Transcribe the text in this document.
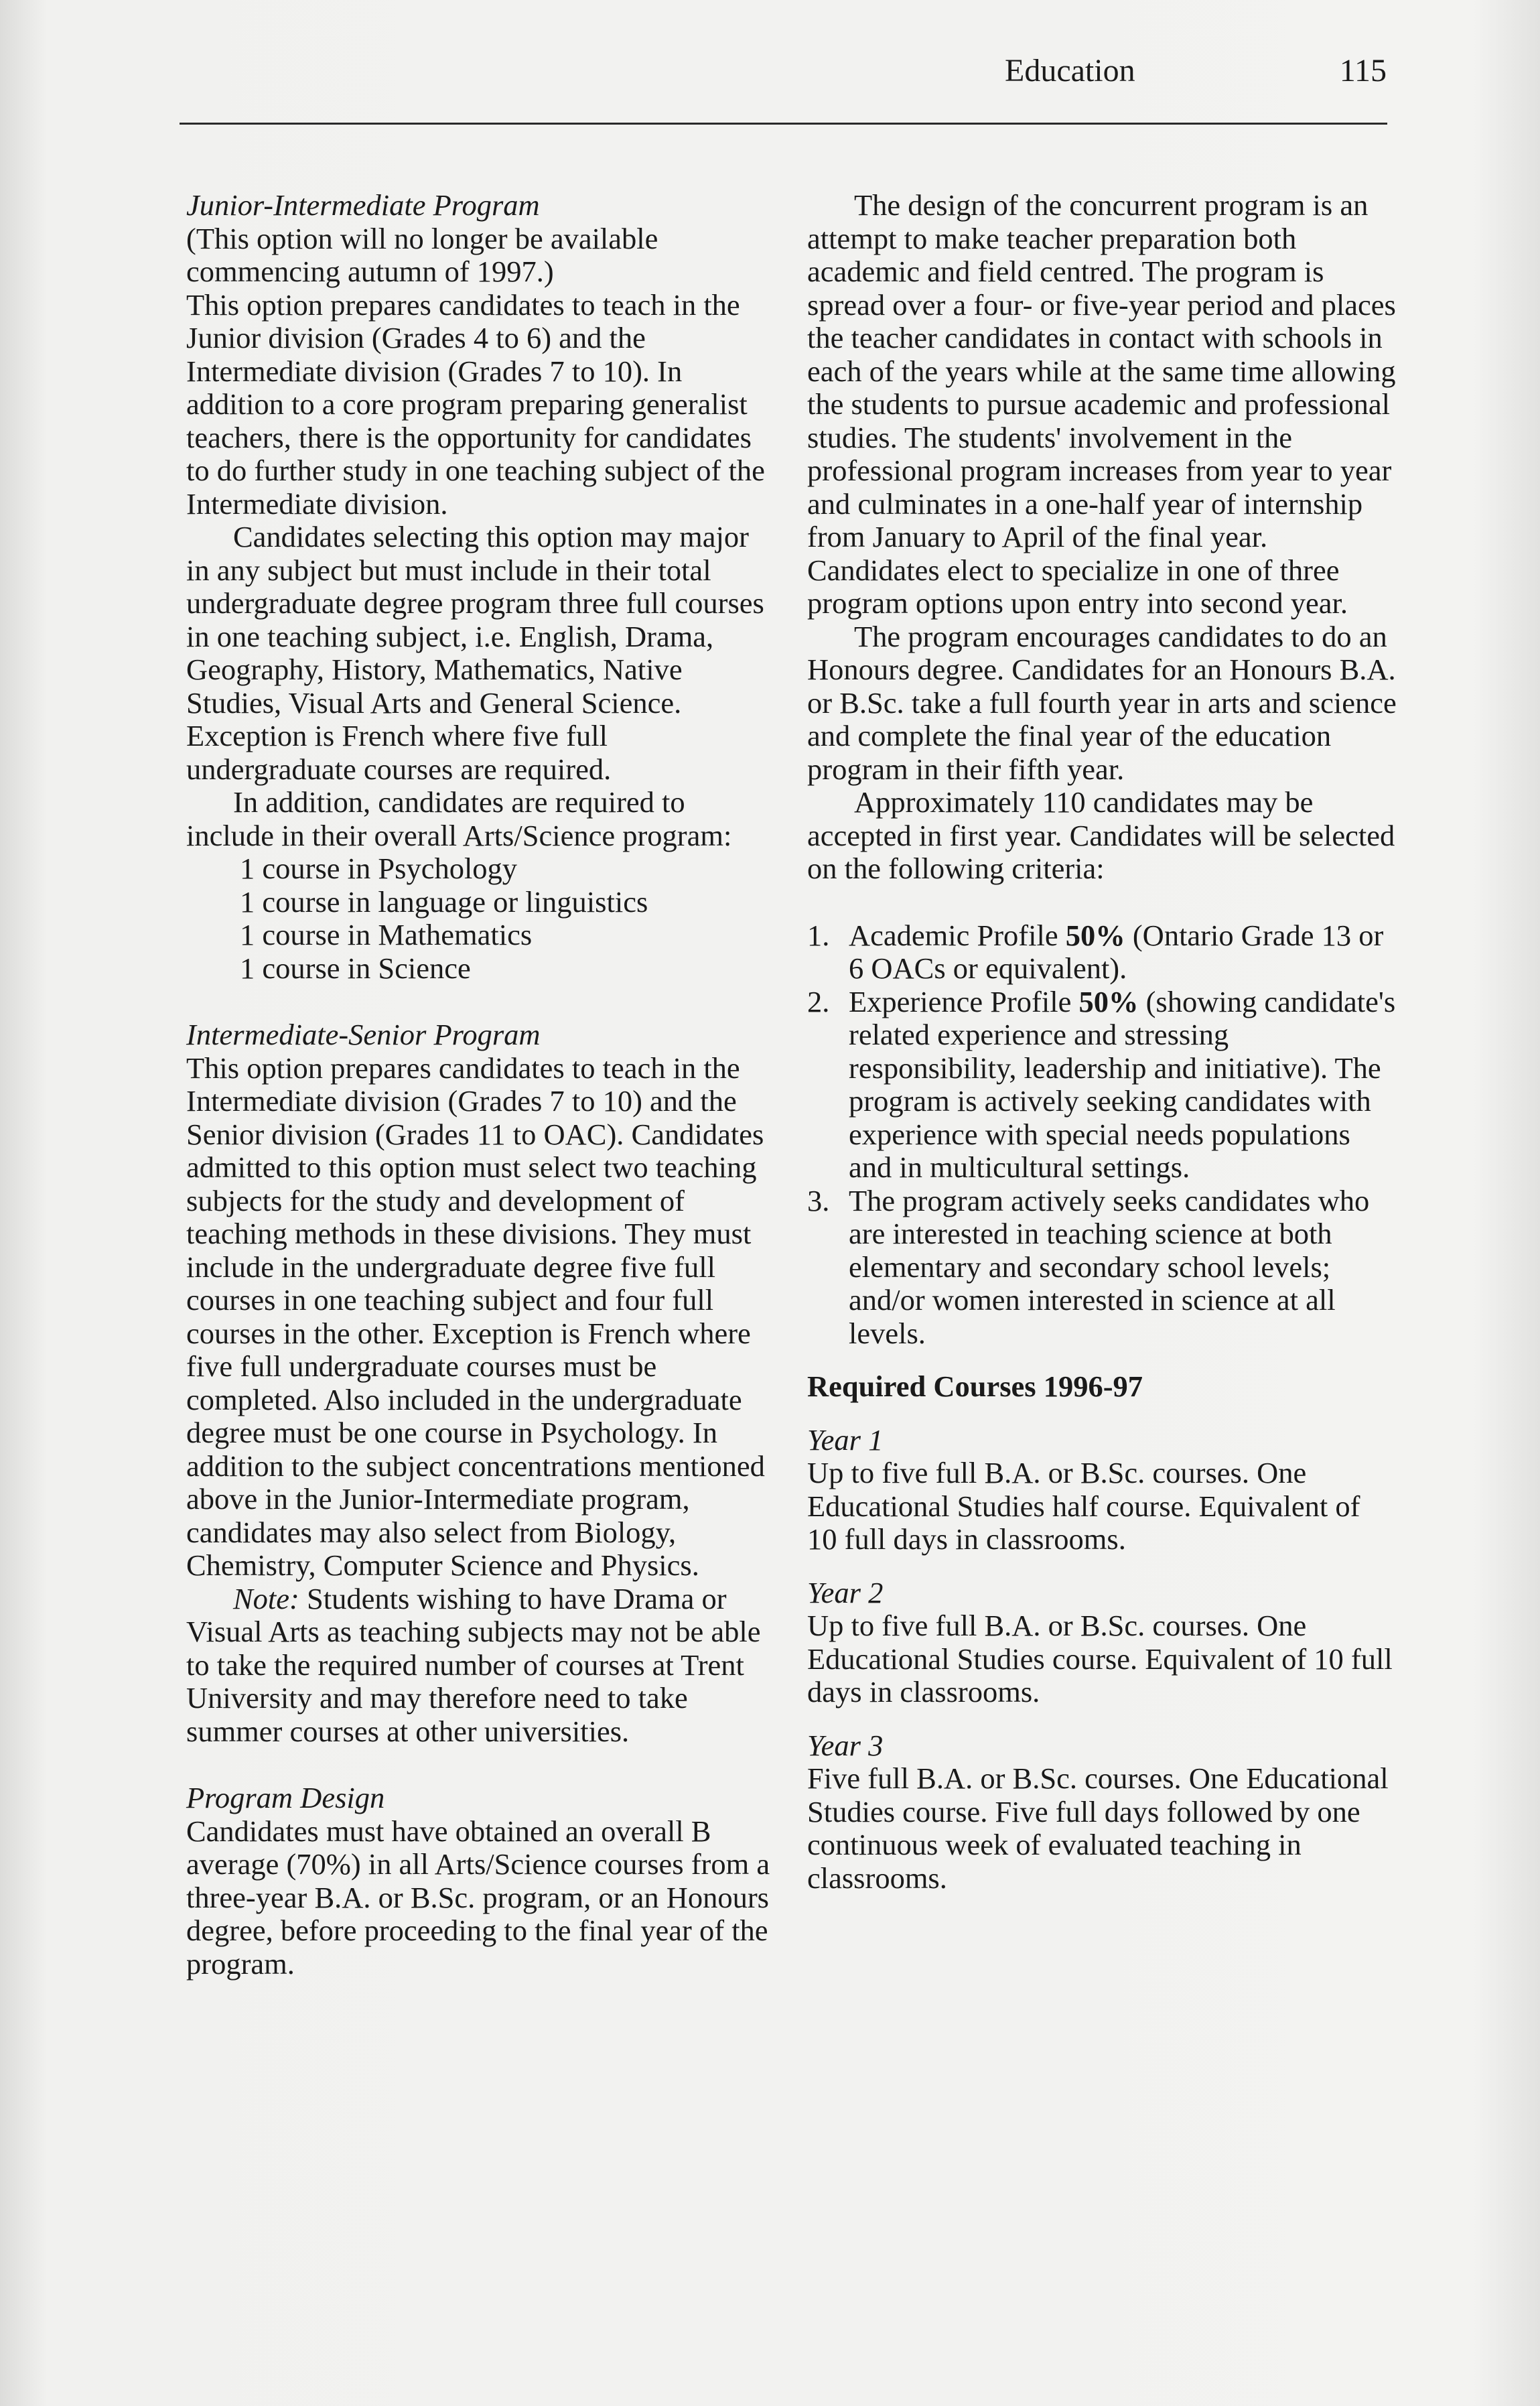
Education	115

Junior-Intermediate Program

(This option will no longer be available commencing autumn of 1997.)

This option prepares candidates to teach in the Junior division (Grades 4 to 6) and the Intermediate division (Grades 7 to 10). In addition to a core program preparing generalist teachers, there is the opportunity for candidates to do further study in one teaching subject of the Intermediate division.

Candidates selecting this option may major in any subject but must include in their total undergraduate degree program three full courses in one teaching subject, i.e. English, Drama, Geography, History, Mathematics, Native Studies, Visual Arts and General Science. Exception is French where five full undergraduate courses are required.

In addition, candidates are required to include in their overall Arts/Science program:

1 course in Psychology
1 course in language or linguistics
1 course in Mathematics
1 course in Science

Intermediate-Senior Program

This option prepares candidates to teach in the Intermediate division (Grades 7 to 10) and the Senior division (Grades 11 to OAC). Candidates admitted to this option must select two teaching subjects for the study and development of teaching methods in these divisions. They must include in the undergraduate degree five full courses in one teaching subject and four full courses in the other. Exception is French where five full undergraduate courses must be completed. Also included in the undergraduate degree must be one course in Psychology. In addition to the subject concentrations mentioned above in the Junior-Intermediate program, candidates may also select from Biology, Chemistry, Computer Science and Physics.

Note: Students wishing to have Drama or Visual Arts as teaching subjects may not be able to take the required number of courses at Trent University and may therefore need to take summer courses at other universities.

Program Design

Candidates must have obtained an overall B average (70%) in all Arts/Science courses from a three-year B.A. or B.Sc. program, or an Honours degree, before proceeding to the final year of the program.

The design of the concurrent program is an attempt to make teacher preparation both academic and field centred. The program is spread over a four- or five-year period and places the teacher candidates in contact with schools in each of the years while at the same time allowing the students to pursue academic and professional studies. The students' involvement in the professional program increases from year to year and culminates in a one-half year of internship from January to April of the final year. Candidates elect to specialize in one of three program options upon entry into second year.

The program encourages candidates to do an Honours degree. Candidates for an Honours B.A. or B.Sc. take a full fourth year in arts and science and complete the final year of the education program in their fifth year.

Approximately 110 candidates may be accepted in first year. Candidates will be selected on the following criteria:

1. Academic Profile 50% (Ontario Grade 13 or 6 OACs or equivalent).
2. Experience Profile 50% (showing candidate's related experience and stressing responsibility, leadership and initiative). The program is actively seeking candidates with experience with special needs populations and in multicultural settings.
3. The program actively seeks candidates who are interested in teaching science at both elementary and secondary school levels; and/or women interested in science at all levels.

Required Courses 1996-97

Year 1

Up to five full B.A. or B.Sc. courses. One Educational Studies half course. Equivalent of 10 full days in classrooms.

Year 2

Up to five full B.A. or B.Sc. courses. One Educational Studies course. Equivalent of 10 full days in classrooms.

Year 3

Five full B.A. or B.Sc. courses. One Educational Studies course. Five full days followed by one continuous week of evaluated teaching in classrooms.
